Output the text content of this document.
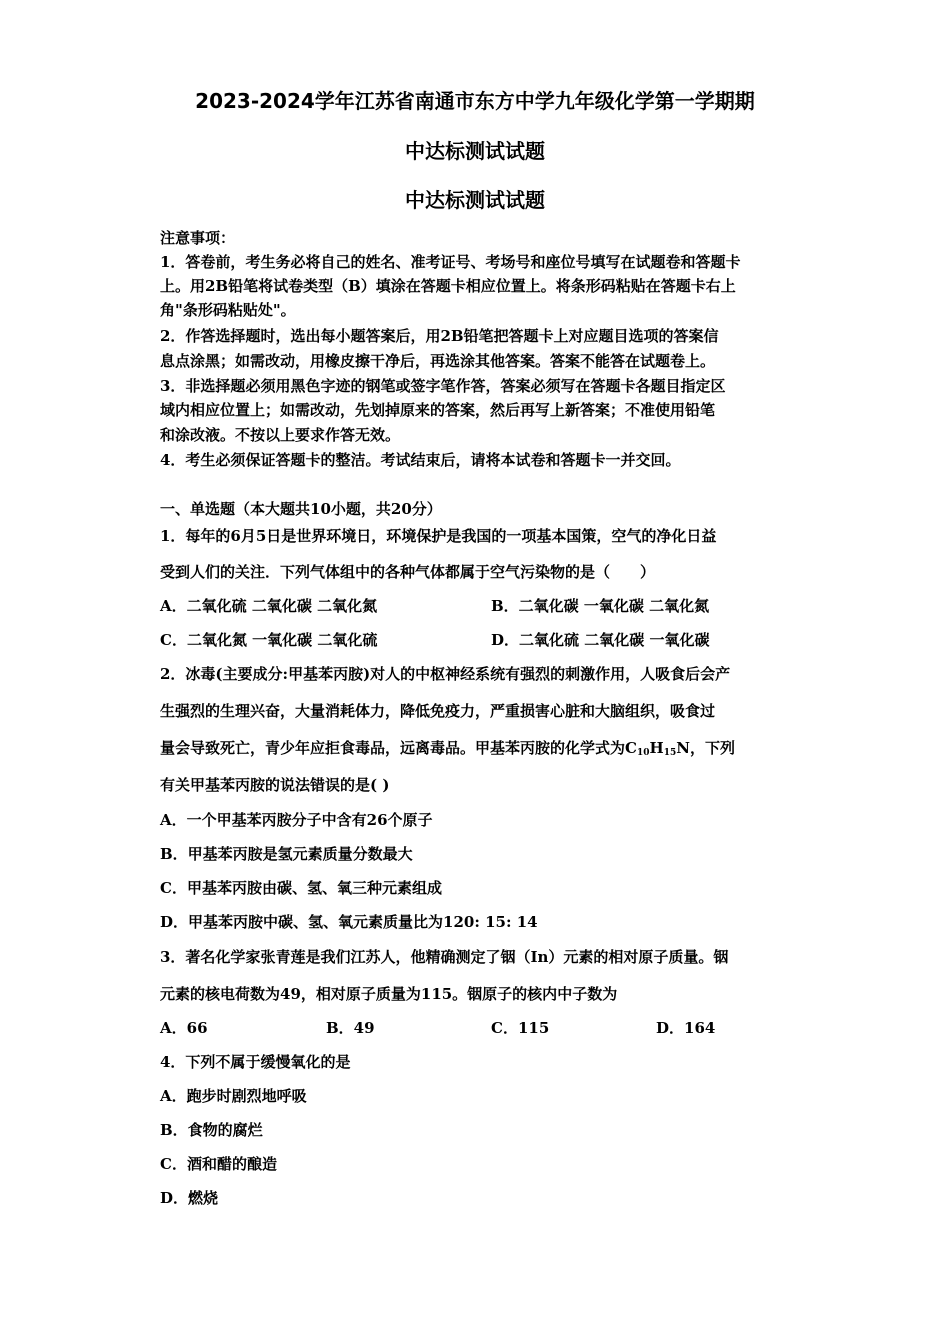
2023-2024学年江苏省南通市东方中学九年级化学第一学期期
中达标测试试题
中达标测试试题
注意事项：
1．答卷前，考生务必将自己的姓名、准考证号、考场号和座位号填写在试题卷和答题卡
上。用2B铅笔将试卷类型（B）填涂在答题卡相应位置上。将条形码粘贴在答题卡右上
角"条形码粘贴处"。
2．作答选择题时，选出每小题答案后，用2B铅笔把答题卡上对应题目选项的答案信
息点涂黑；如需改动，用橡皮擦干净后，再选涂其他答案。答案不能答在试题卷上。
3．非选择题必须用黑色字迹的钢笔或签字笔作答，答案必须写在答题卡各题目指定区
域内相应位置上；如需改动，先划掉原来的答案，然后再写上新答案；不准使用铅笔
和涂改液。不按以上要求作答无效。
4．考生必须保证答题卡的整洁。考试结束后，请将本试卷和答题卡一并交回。
一、单选题（本大题共10小题，共20分）
1．每年的6月5日是世界环境日，环境保护是我国的一项基本国策，空气的净化日益
受到人们的关注．下列气体组中的各种气体都属于空气污染物的是（　　）
A．二氧化硫 二氧化碳 二氧化氮	B．二氧化碳 一氧化碳 二氧化氮
C．二氧化氮 一氧化碳 二氧化硫	D．二氧化硫 二氧化碳 一氧化碳
2．冰毒(主要成分:甲基苯丙胺)对人的中枢神经系统有强烈的刺激作用，人吸食后会产
生强烈的生理兴奋，大量消耗体力，降低免疫力，严重损害心脏和大脑组织，吸食过
量会导致死亡，青少年应拒食毒品，远离毒品。甲基苯丙胺的化学式为$C_{10}H_{15}N$，下列
有关甲基苯丙胺的说法错误的是( )
A．一个甲基苯丙胺分子中含有26个原子
B．甲基苯丙胺是氢元素质量分数最大
C．甲基苯丙胺由碳、氢、氧三种元素组成
D．甲基苯丙胺中碳、氢、氧元素质量比为120: 15: 14
3．著名化学家张青莲是我们江苏人，他精确测定了铟（In）元素的相对原子质量。铟
元素的核电荷数为49，相对原子质量为115。铟原子的核内中子数为
A．66	B．49	C．115	D．164
4．下列不属于缓慢氧化的是
A．跑步时剧烈地呼吸
B．食物的腐烂
C．酒和醋的酿造
D．燃烧
